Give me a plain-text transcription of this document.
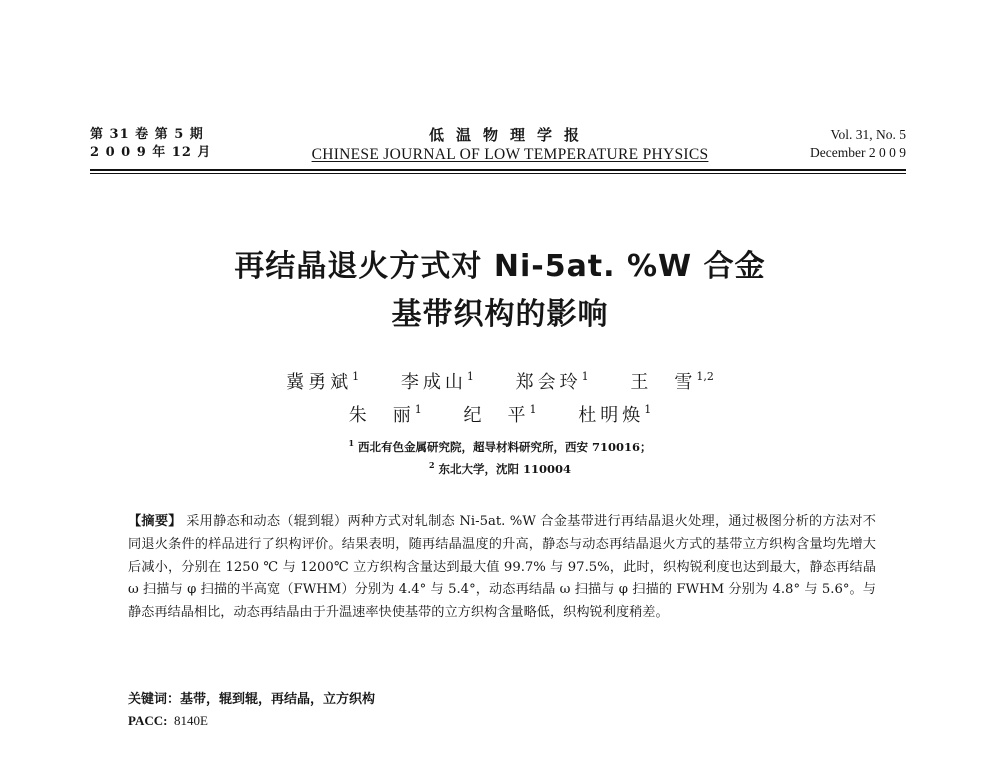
第 31 卷 第 5 期
2 0 0 9 年 12 月
低温物理学报
CHINESE JOURNAL OF LOW TEMPERATURE PHYSICS
Vol. 31, No. 5
December 2 0 0 9
再结晶退火方式对 Ni-5at. %W 合金
基带织构的影响
冀勇斌$^1$ 李成山$^1$ 郑会玲$^1$ 王　雪$^{1,2}$
朱　丽$^1$ 纪　平$^1$ 杜明焕$^1$
$^1$ 西北有色金属研究院，超导材料研究所，西安 710016；
$^2$ 东北大学，沈阳 110004
【摘要】 采用静态和动态（辊到辊）两种方式对轧制态 Ni-5at. %W 合金基带进行再结晶退火处理，通过极图分析的方法对不同退火条件的样品进行了织构评价。结果表明，随再结晶温度的升高，静态与动态再结晶退火方式的基带立方织构含量均先增大后减小，分别在 1250 ℃ 与 1200℃ 立方织构含量达到最大值 99.7% 与 97.5%，此时，织构锐利度也达到最大，静态再结晶 ω 扫描与 φ 扫描的半高宽（FWHM）分别为 4.4° 与 5.4°，动态再结晶 ω 扫描与 φ 扫描的 FWHM 分别为 4.8° 与 5.6°。与静态再结晶相比，动态再结晶由于升温速率快使基带的立方织构含量略低，织构锐利度稍差。
关键词：基带，辊到辊，再结晶，立方织构
PACC: 8140E
